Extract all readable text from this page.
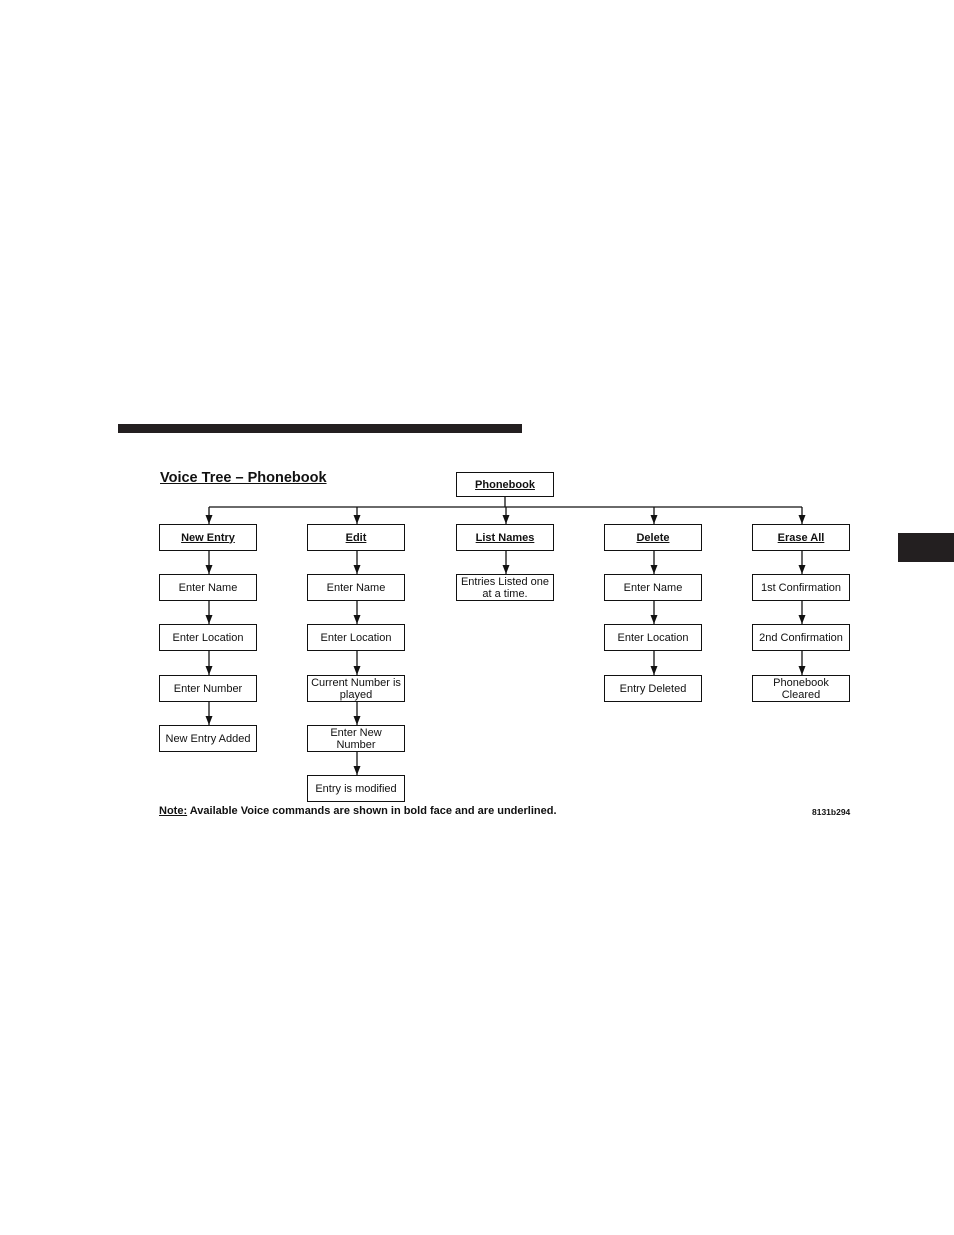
Voice Tree – Phonebook	Phonebook
New Entry
Enter Name
Enter Location
Enter Number
New Entry Added
Edit
Enter Name
Enter Location
Current Number is played
Enter New Number
Entry is modified
List Names
Entries Listed one at a time.
Delete
Enter Name
Enter Location
Entry Deleted
Erase All
1st Confirmation
2nd Confirmation
Phonebook Cleared
Note: Available Voice commands are shown in bold face and are underlined.	8131b294
